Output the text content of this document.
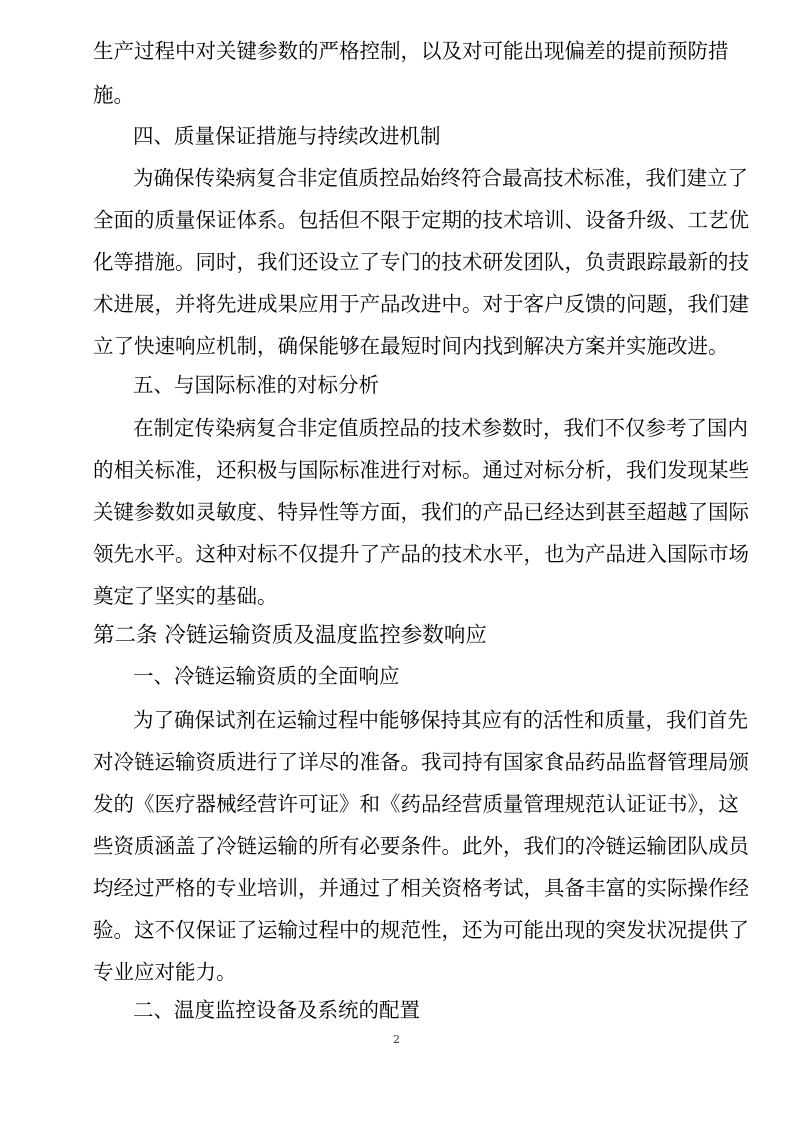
生产过程中对关键参数的严格控制，以及对可能出现偏差的提前预防措
施。
四、质量保证措施与持续改进机制
为确保传染病复合非定值质控品始终符合最高技术标准，我们建立了
全面的质量保证体系。包括但不限于定期的技术培训、设备升级、工艺优
化等措施。同时，我们还设立了专门的技术研发团队，负责跟踪最新的技
术进展，并将先进成果应用于产品改进中。对于客户反馈的问题，我们建
立了快速响应机制，确保能够在最短时间内找到解决方案并实施改进。
五、与国际标准的对标分析
在制定传染病复合非定值质控品的技术参数时，我们不仅参考了国内
的相关标准，还积极与国际标准进行对标。通过对标分析，我们发现某些
关键参数如灵敏度、特异性等方面，我们的产品已经达到甚至超越了国际
领先水平。这种对标不仅提升了产品的技术水平，也为产品进入国际市场
奠定了坚实的基础。
第二条 冷链运输资质及温度监控参数响应
一、冷链运输资质的全面响应
为了确保试剂在运输过程中能够保持其应有的活性和质量，我们首先
对冷链运输资质进行了详尽的准备。我司持有国家食品药品监督管理局颁
发的《医疗器械经营许可证》和《药品经营质量管理规范认证证书》，这
些资质涵盖了冷链运输的所有必要条件。此外，我们的冷链运输团队成员
均经过严格的专业培训，并通过了相关资格考试，具备丰富的实际操作经
验。这不仅保证了运输过程中的规范性，还为可能出现的突发状况提供了
专业应对能力。
二、温度监控设备及系统的配置
2
